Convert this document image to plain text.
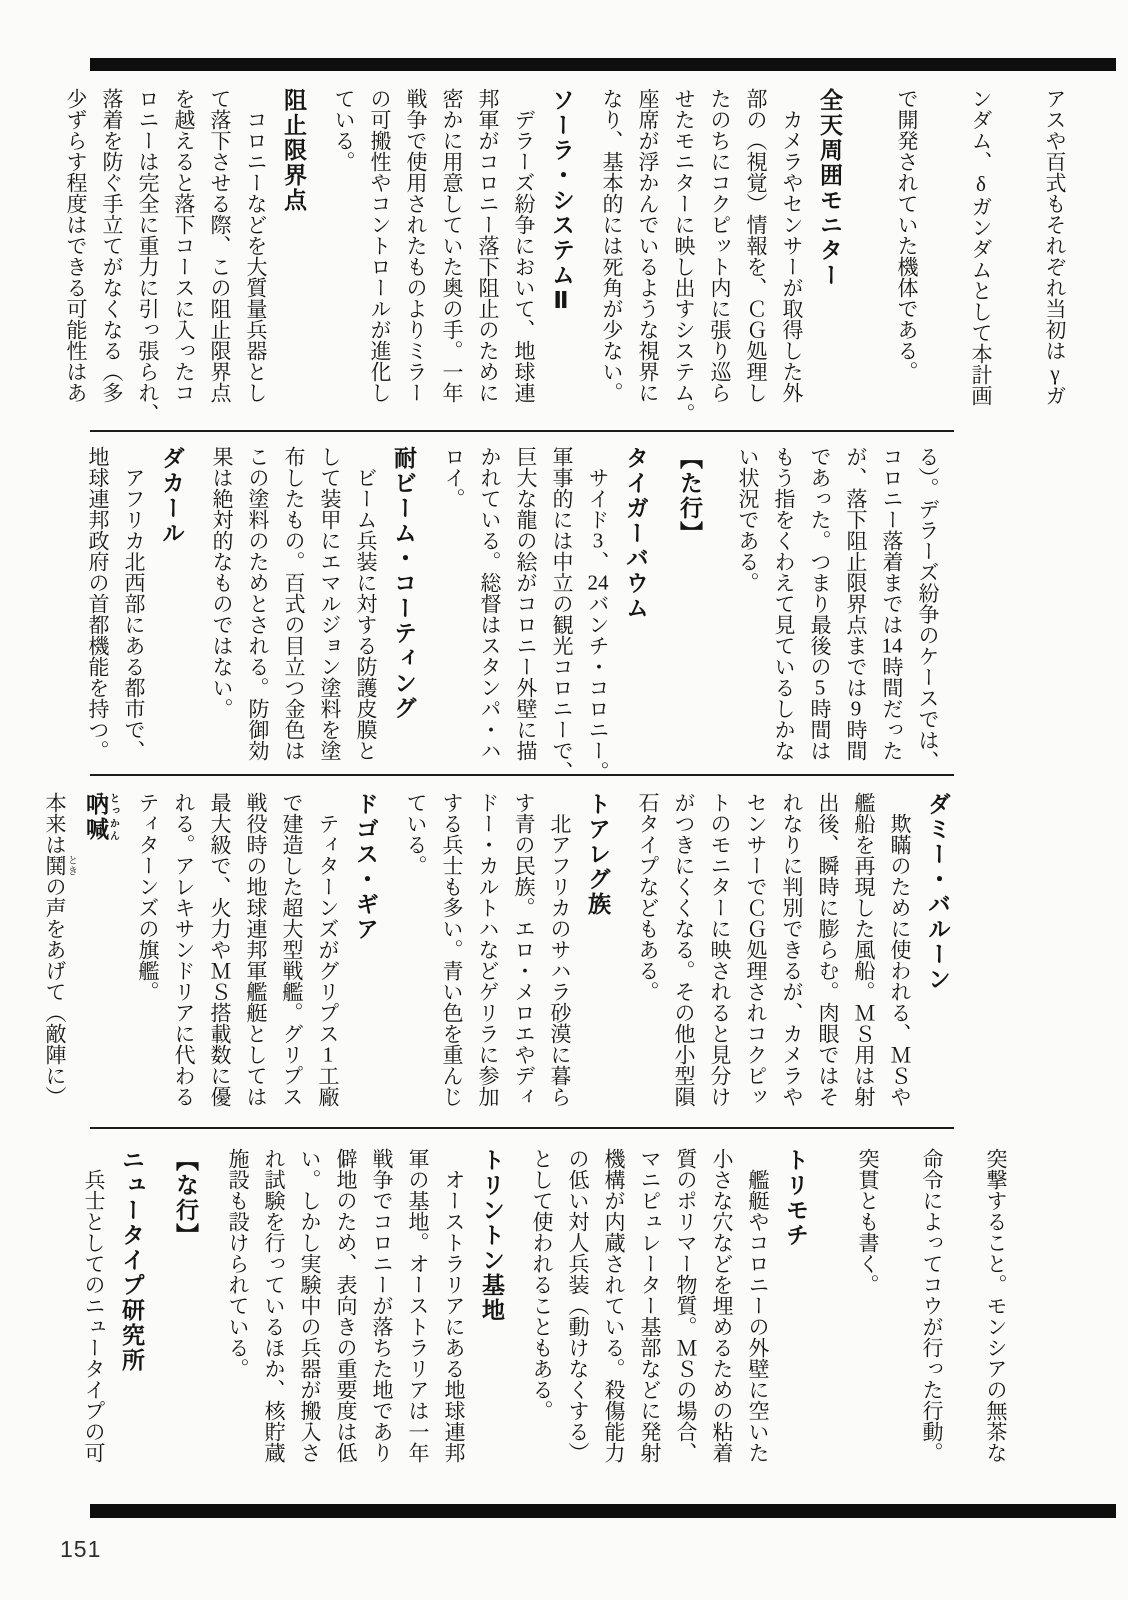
アスや百式もそれぞれ当初はγガ
ンダム、δガンダムとして本計画
で開発されていた機体である。
全天周囲モニター
　カメラやセンサーが取得した外
部の（視覚）情報を、ＣＧ処理し
たのちにコクピット内に張り巡ら
せたモニターに映し出すシステム。
座席が浮かんでいるような視界に
なり、基本的には死角が少ない。
ソーラ・システムⅡ
　デラーズ紛争において、地球連
邦軍がコロニー落下阻止のために
密かに用意していた奥の手。一年
戦争で使用されたものよりミラー
の可搬性やコントロールが進化し
ている。
阻止限界点
　コロニーなどを大質量兵器とし
て落下させる際、この阻止限界点
を越えると落下コースに入ったコ
ロニーは完全に重力に引っ張られ、
落着を防ぐ手立てがなくなる（多
少ずらす程度はできる可能性はあ
る）。デラーズ紛争のケースでは、
コロニー落着までは14時間だった
が、落下阻止限界点までは9時間
であった。つまり最後の5時間は
もう指をくわえて見ているしかな
い状況である。
【た行】
タイガーバウム
　サイド3、24バンチ・コロニー。
軍事的には中立の観光コロニーで、
巨大な龍の絵がコロニー外壁に描
かれている。総督はスタンパ・ハ
ロイ。
耐ビーム・コーティング
　ビーム兵装に対する防護皮膜と
して装甲にエマルジョン塗料を塗
布したもの。百式の目立つ金色は
この塗料のためとされる。防御効
果は絶対的なものではない。
ダカール
　アフリカ北西部にある都市で、
地球連邦政府の首都機能を持つ。
ダミー・バルーン
　欺瞞のために使われる、ＭＳや
艦船を再現した風船。ＭＳ用は射
出後、瞬時に膨らむ。肉眼ではそ
れなりに判別できるが、カメラや
センサーでＣＧ処理されコクピッ
トのモニターに映されると見分け
がつきにくくなる。その他小型隕
石タイプなどもある。
トアレグ族
　北アフリカのサハラ砂漠に暮ら
す青の民族。エロ・メロエやディ
ドー・カルトハなどゲリラに参加
する兵士も多い。青い色を重んじ
ている。
ドゴス・ギア
　ティターンズがグリプス1工廠
で建造した超大型戦艦。グリプス
戦役時の地球連邦軍艦艇としては
最大級で、火力やＭＳ搭載数に優
れる。アレキサンドリアに代わる
ティターンズの旗艦。
吶喊とっかん
本来は鬨ときの声をあげて（敵陣に）
突撃すること。モンシアの無茶な
命令によってコウが行った行動。
突貫とも書く。
トリモチ
　艦艇やコロニーの外壁に空いた
小さな穴などを埋めるための粘着
質のポリマー物質。ＭＳの場合、
マニピュレーター基部などに発射
機構が内蔵されている。殺傷能力
の低い対人兵装（動けなくする）
として使われることもある。
トリントン基地
　オーストラリアにある地球連邦
軍の基地。オーストラリアは一年
戦争でコロニーが落ちた地であり
僻地のため、表向きの重要度は低
い。しかし実験中の兵器が搬入さ
れ試験を行っているほか、核貯蔵
施設も設けられている。
【な行】
ニュータイプ研究所
　兵士としてのニュータイプの可
151
